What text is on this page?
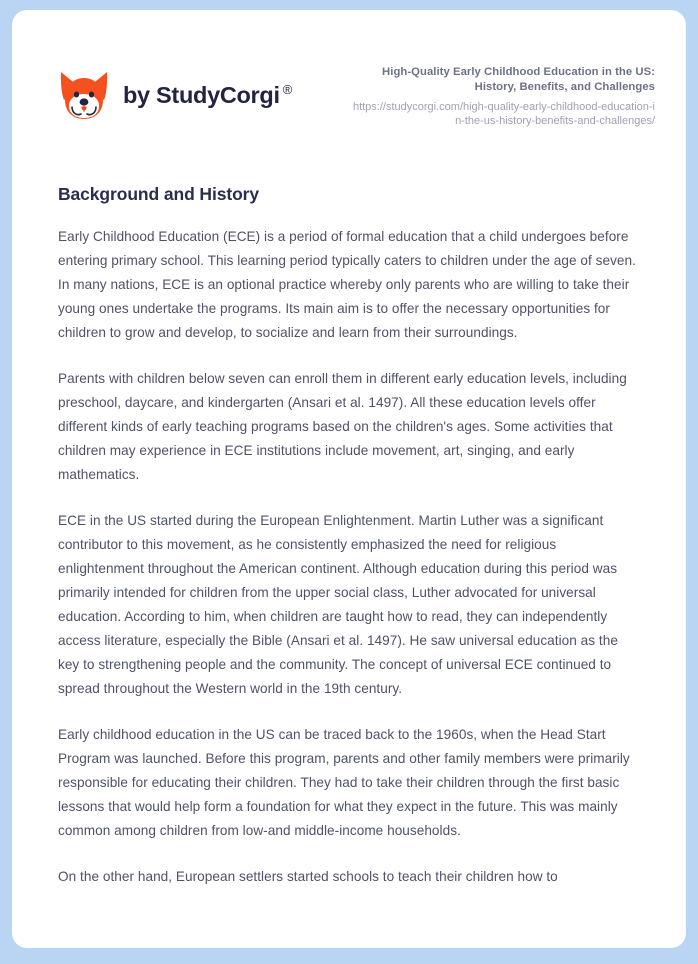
by StudyCorgi ®
High-Quality Early Childhood Education in the US: History, Benefits, and Challenges
https://studycorgi.com/high-quality-early-childhood-education-in-the-us-history-benefits-and-challenges/
Background and History

Early Childhood Education (ECE) is a period of formal education that a child undergoes before entering primary school. This learning period typically caters to children under the age of seven. In many nations, ECE is an optional practice whereby only parents who are willing to take their young ones undertake the programs. Its main aim is to offer the necessary opportunities for children to grow and develop, to socialize and learn from their surroundings.

Parents with children below seven can enroll them in different early education levels, including preschool, daycare, and kindergarten (Ansari et al. 1497). All these education levels offer different kinds of early teaching programs based on the children's ages. Some activities that children may experience in ECE institutions include movement, art, singing, and early mathematics.

ECE in the US started during the European Enlightenment. Martin Luther was a significant contributor to this movement, as he consistently emphasized the need for religious enlightenment throughout the American continent. Although education during this period was primarily intended for children from the upper social class, Luther advocated for universal education. According to him, when children are taught how to read, they can independently access literature, especially the Bible (Ansari et al. 1497). He saw universal education as the key to strengthening people and the community. The concept of universal ECE continued to spread throughout the Western world in the 19th century.

Early childhood education in the US can be traced back to the 1960s, when the Head Start Program was launched. Before this program, parents and other family members were primarily responsible for educating their children. They had to take their children through the first basic lessons that would help form a foundation for what they expect in the future. This was mainly common among children from low-and middle-income households.

On the other hand, European settlers started schools to teach their children how to
